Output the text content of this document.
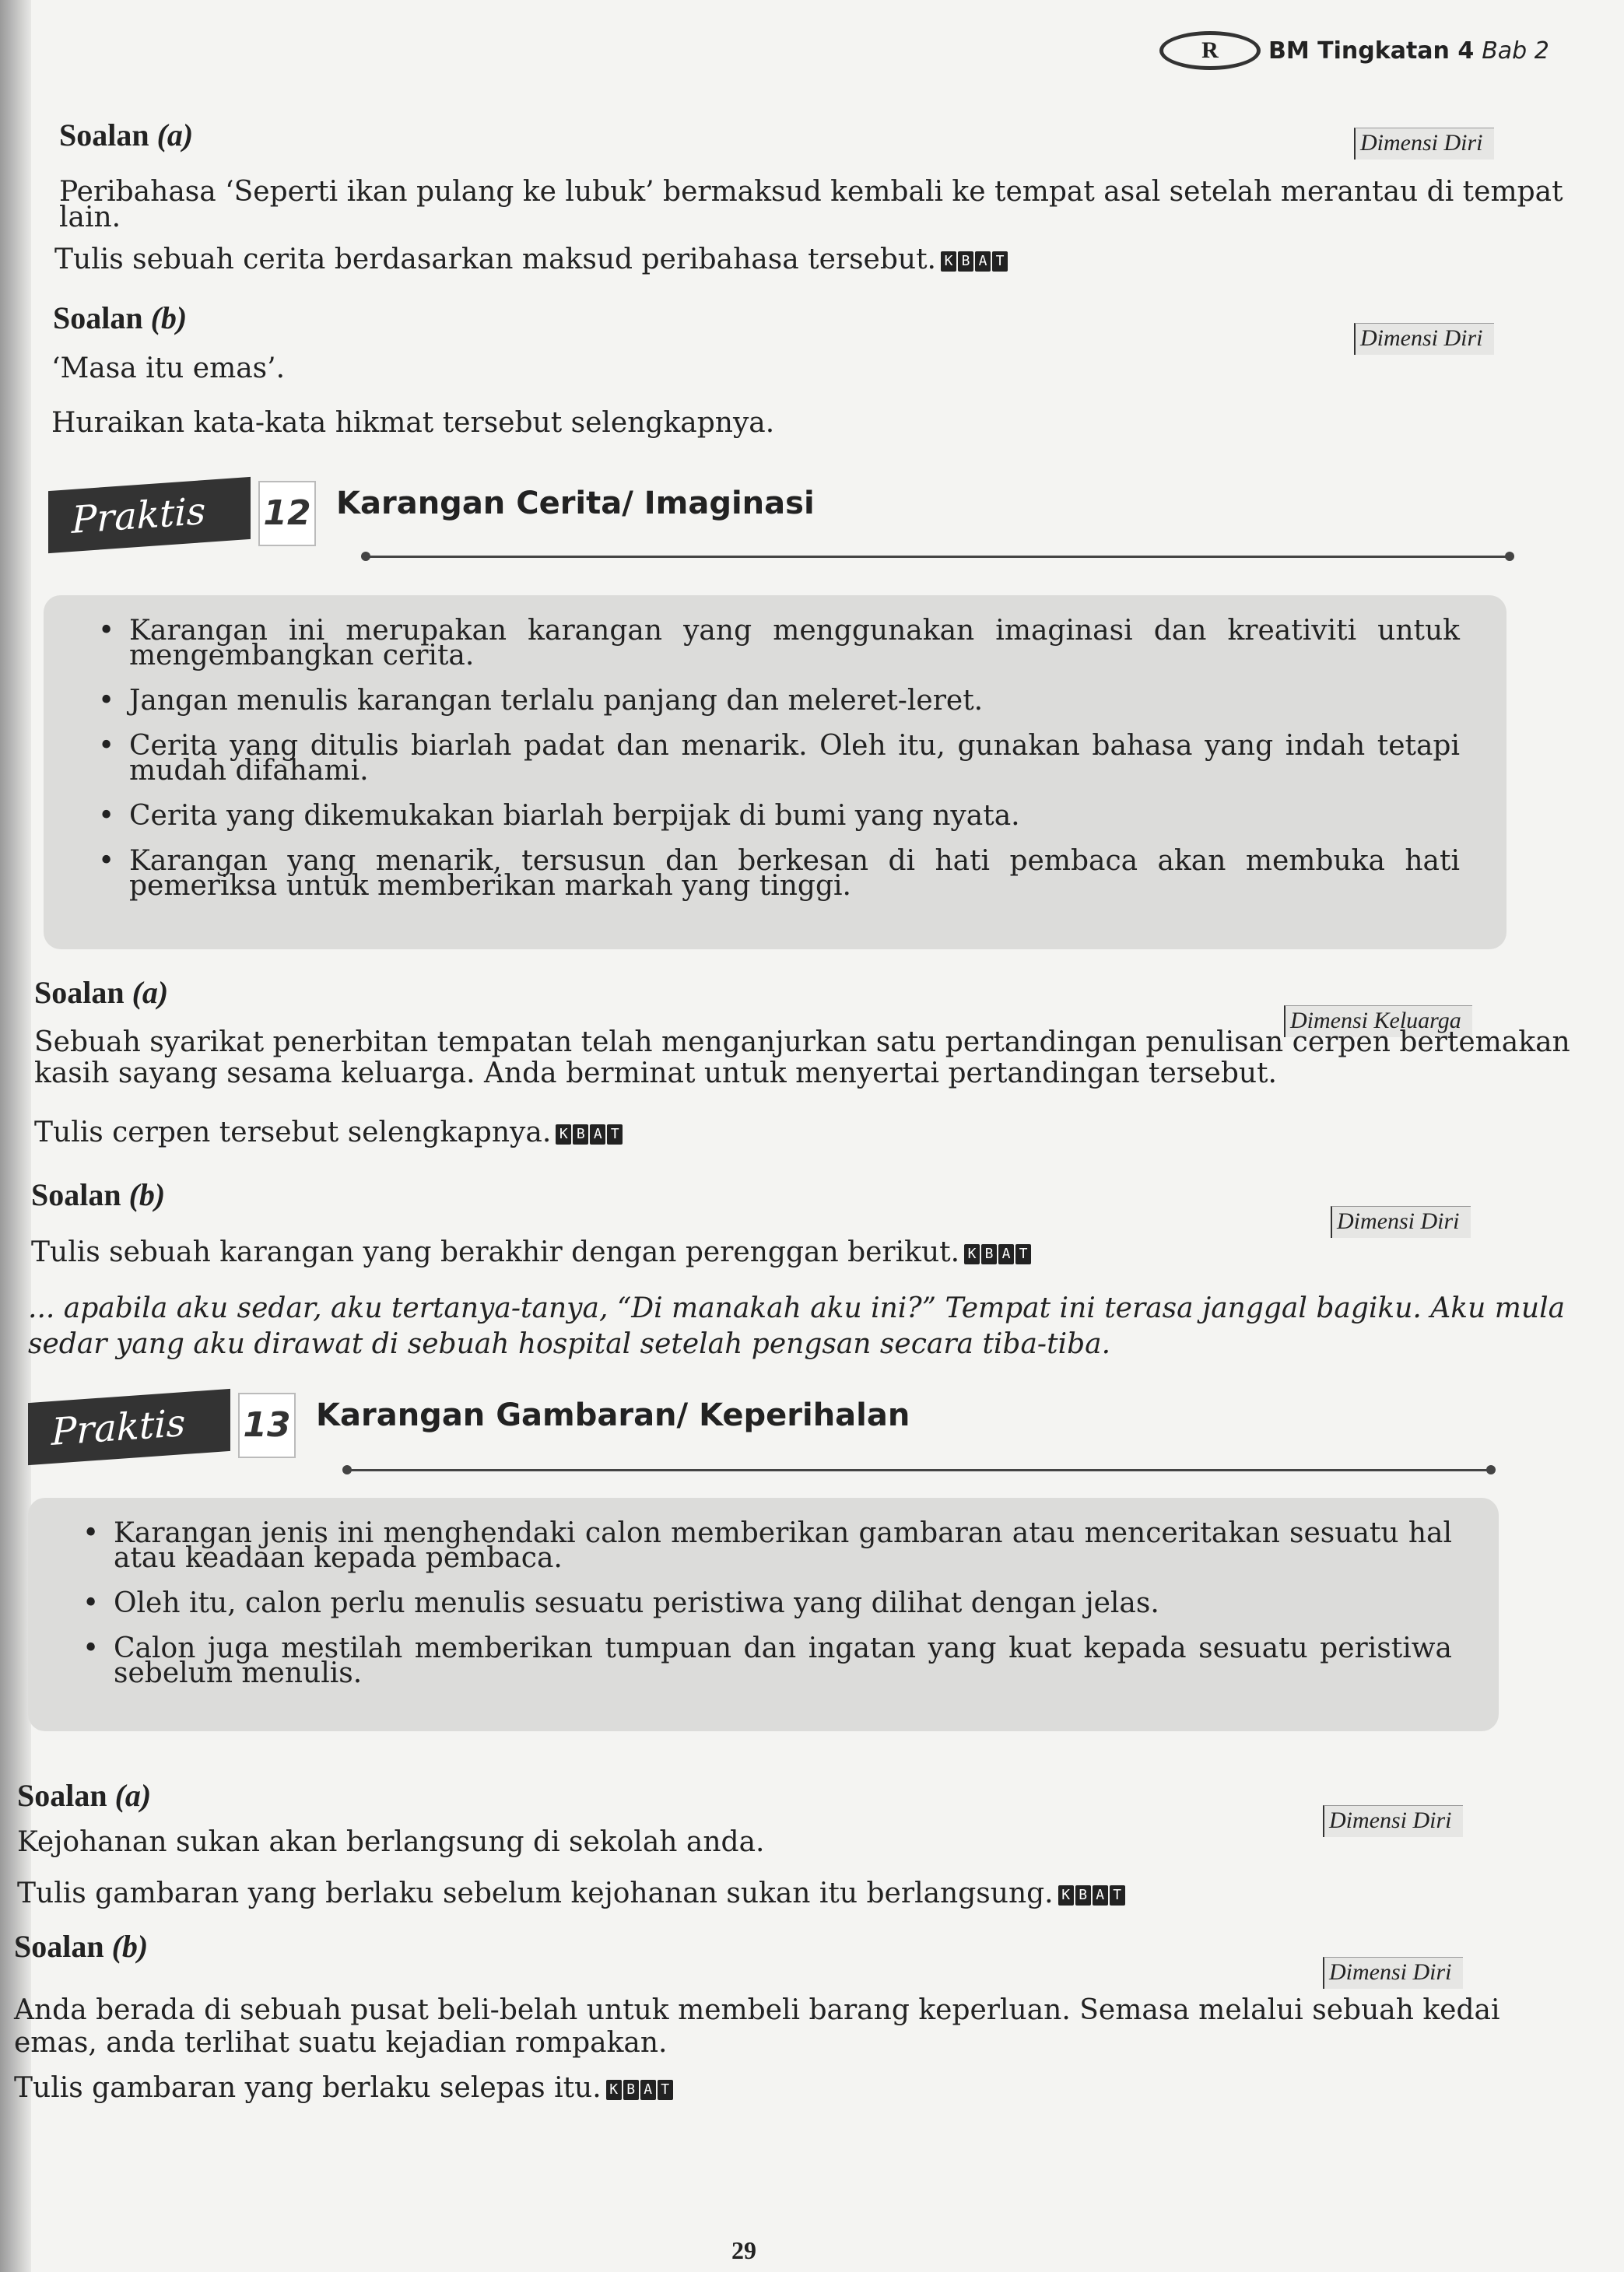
R	BM Tingkatan 4 Bab 2
Soalan (a)	Dimensi Diri
Peribahasa ‘Seperti ikan pulang ke lubuk’ bermaksud kembali ke tempat asal setelah merantau di tempat
lain.
Tulis sebuah cerita berdasarkan maksud peribahasa tersebut. K B A T
Soalan (b)
Dimensi Diri
‘Masa itu emas’.
Huraikan kata-kata hikmat tersebut selengkapnya.
Praktis	12 Karangan Cerita/ Imaginasi
• Karangan ini merupakan karangan yang menggunakan imaginasi dan kreativiti untuk mengembangkan cerita.
• Jangan menulis karangan terlalu panjang dan meleret-leret.
• Cerita yang ditulis biarlah padat dan menarik. Oleh itu, gunakan bahasa yang indah tetapi mudah difahami.
• Cerita yang dikemukakan biarlah berpijak di bumi yang nyata.
• Karangan yang menarik, tersusun dan berkesan di hati pembaca akan membuka hati pemeriksa untuk memberikan markah yang tinggi.
Soalan (a)
Dimensi Keluarga
Sebuah syarikat penerbitan tempatan telah menganjurkan satu pertandingan penulisan cerpen bertemakan
kasih sayang sesama keluarga. Anda berminat untuk menyertai pertandingan tersebut.
Tulis cerpen tersebut selengkapnya. K B A T
Soalan (b)
Dimensi Diri
Tulis sebuah karangan yang berakhir dengan perenggan berikut. K B A T
... apabila aku sedar, aku tertanya-tanya, “Di manakah aku ini?” Tempat ini terasa janggal bagiku. Aku mula
sedar yang aku dirawat di sebuah hospital setelah pengsan secara tiba-tiba.
Praktis	13 Karangan Gambaran/ Keperihalan
• Karangan jenis ini menghendaki calon memberikan gambaran atau menceritakan sesuatu hal atau keadaan kepada pembaca.
• Oleh itu, calon perlu menulis sesuatu peristiwa yang dilihat dengan jelas.
• Calon juga mestilah memberikan tumpuan dan ingatan yang kuat kepada sesuatu peristiwa sebelum menulis.
Soalan (a)
Dimensi Diri
Kejohanan sukan akan berlangsung di sekolah anda.
Tulis gambaran yang berlaku sebelum kejohanan sukan itu berlangsung. K B A T
Soalan (b)
Dimensi Diri
Anda berada di sebuah pusat beli-belah untuk membeli barang keperluan. Semasa melalui sebuah kedai
emas, anda terlihat suatu kejadian rompakan.
Tulis gambaran yang berlaku selepas itu. K B A T
29
